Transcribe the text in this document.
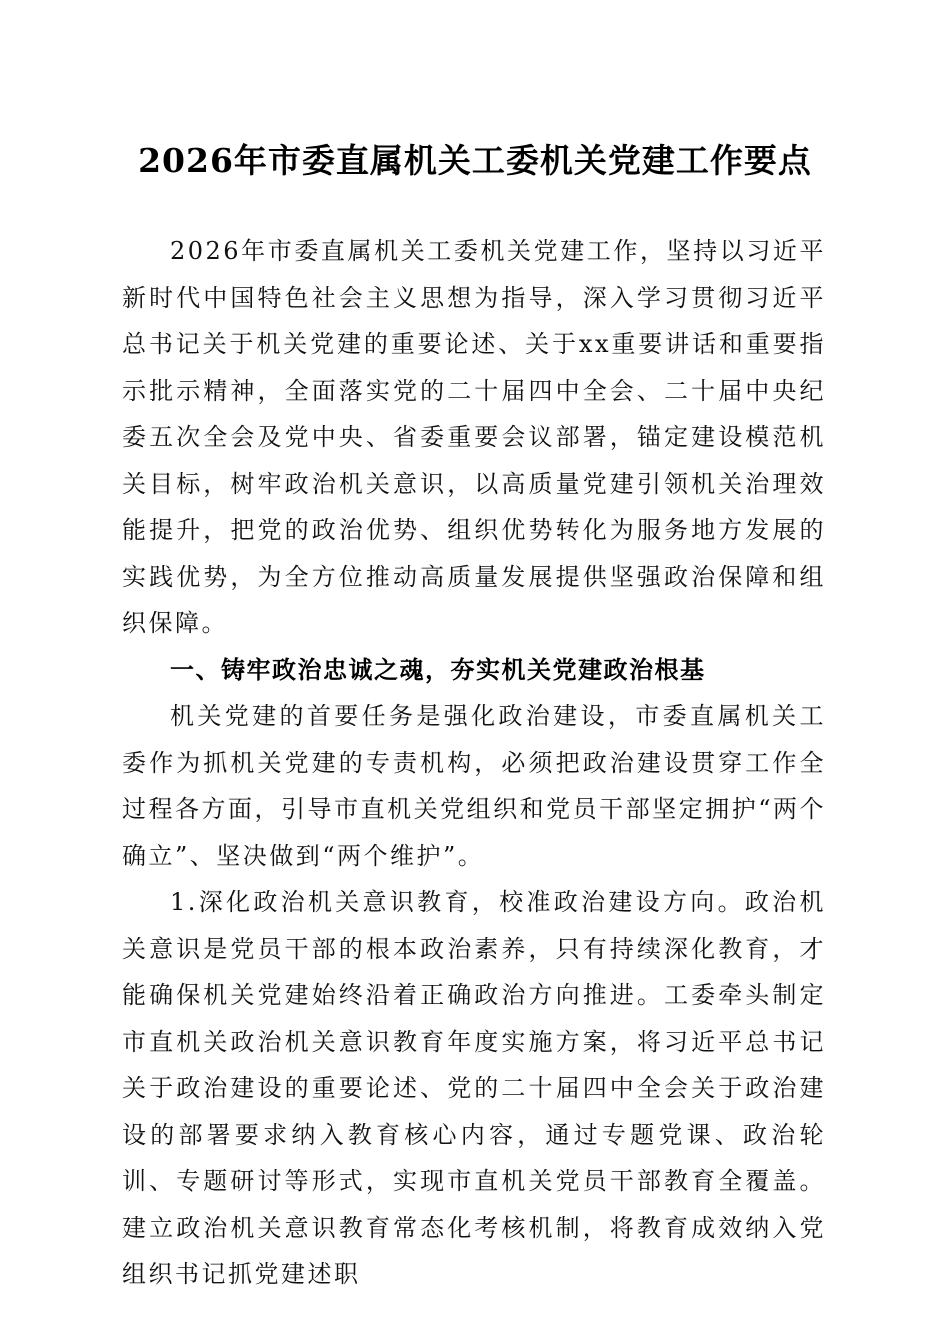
2026年市委直属机关工委机关党建工作要点

2026年市委直属机关工委机关党建工作，坚持以习近平新时代中国特色社会主义思想为指导，深入学习贯彻习近平总书记关于机关党建的重要论述、关于xx重要讲话和重要指示批示精神，全面落实党的二十届四中全会、二十届中央纪委五次全会及党中央、省委重要会议部署，锚定建设模范机关目标，树牢政治机关意识，以高质量党建引领机关治理效能提升，把党的政治优势、组织优势转化为服务地方发展的实践优势，为全方位推动高质量发展提供坚强政治保障和组织保障。

一、铸牢政治忠诚之魂，夯实机关党建政治根基

机关党建的首要任务是强化政治建设，市委直属机关工委作为抓机关党建的专责机构，必须把政治建设贯穿工作全过程各方面，引导市直机关党组织和党员干部坚定拥护“两个确立”、坚决做到“两个维护”。

1.深化政治机关意识教育，校准政治建设方向。政治机关意识是党员干部的根本政治素养，只有持续深化教育，才能确保机关党建始终沿着正确政治方向推进。工委牵头制定市直机关政治机关意识教育年度实施方案，将习近平总书记关于政治建设的重要论述、党的二十届四中全会关于政治建设的部署要求纳入教育核心内容，通过专题党课、政治轮训、专题研讨等形式，实现市直机关党员干部教育全覆盖。建立政治机关意识教育常态化考核机制，将教育成效纳入党组织书记抓党建述职
